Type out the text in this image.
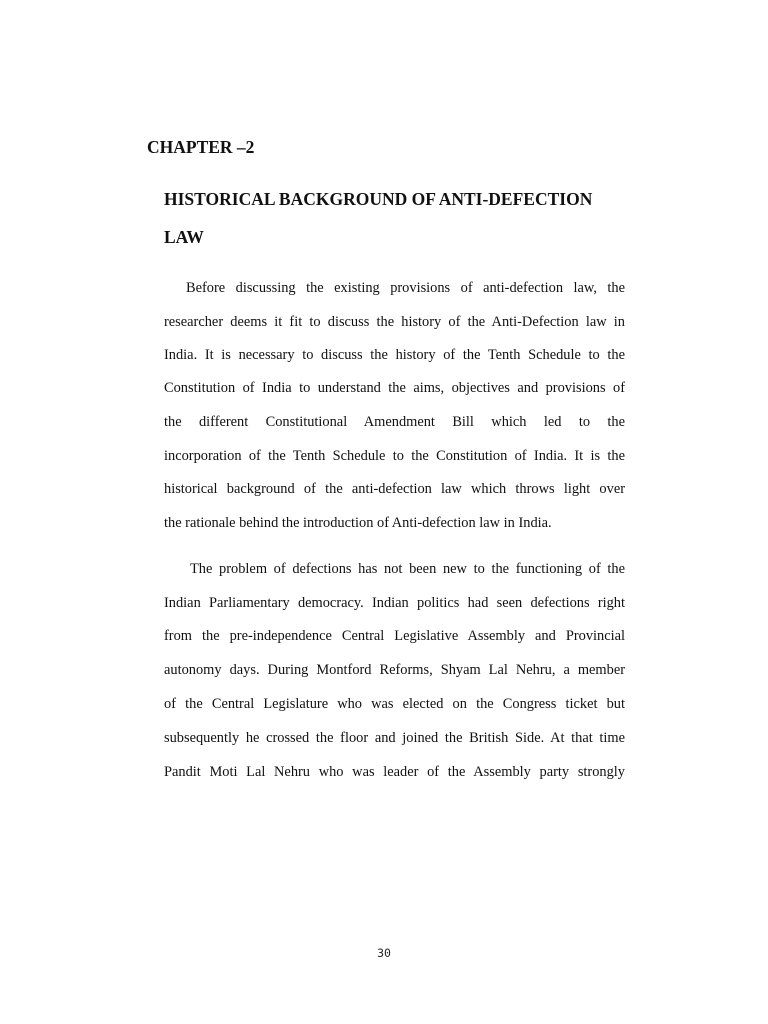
CHAPTER –2
HISTORICAL BACKGROUND OF ANTI-DEFECTION
LAW

Before discussing the existing provisions of anti-defection law, the

researcher deems it fit to discuss the history of the Anti-Defection law in

India. It is necessary to discuss the history of the Tenth Schedule to the

Constitution of India to understand the aims, objectives and provisions of

the different Constitutional Amendment Bill which led to the

incorporation of the Tenth Schedule to the Constitution of India. It is the

historical background of the anti-defection law which throws light over

the rationale behind the introduction of Anti-defection law in India.

The problem of defections has not been new to the functioning of the

Indian Parliamentary democracy. Indian politics had seen defections right

from the pre-independence Central Legislative Assembly and Provincial

autonomy days. During Montford Reforms, Shyam Lal Nehru, a member

of the Central Legislature who was elected on the Congress ticket but

subsequently he crossed the floor and joined the British Side. At that time

Pandit Moti Lal Nehru who was leader of the Assembly party strongly

30
